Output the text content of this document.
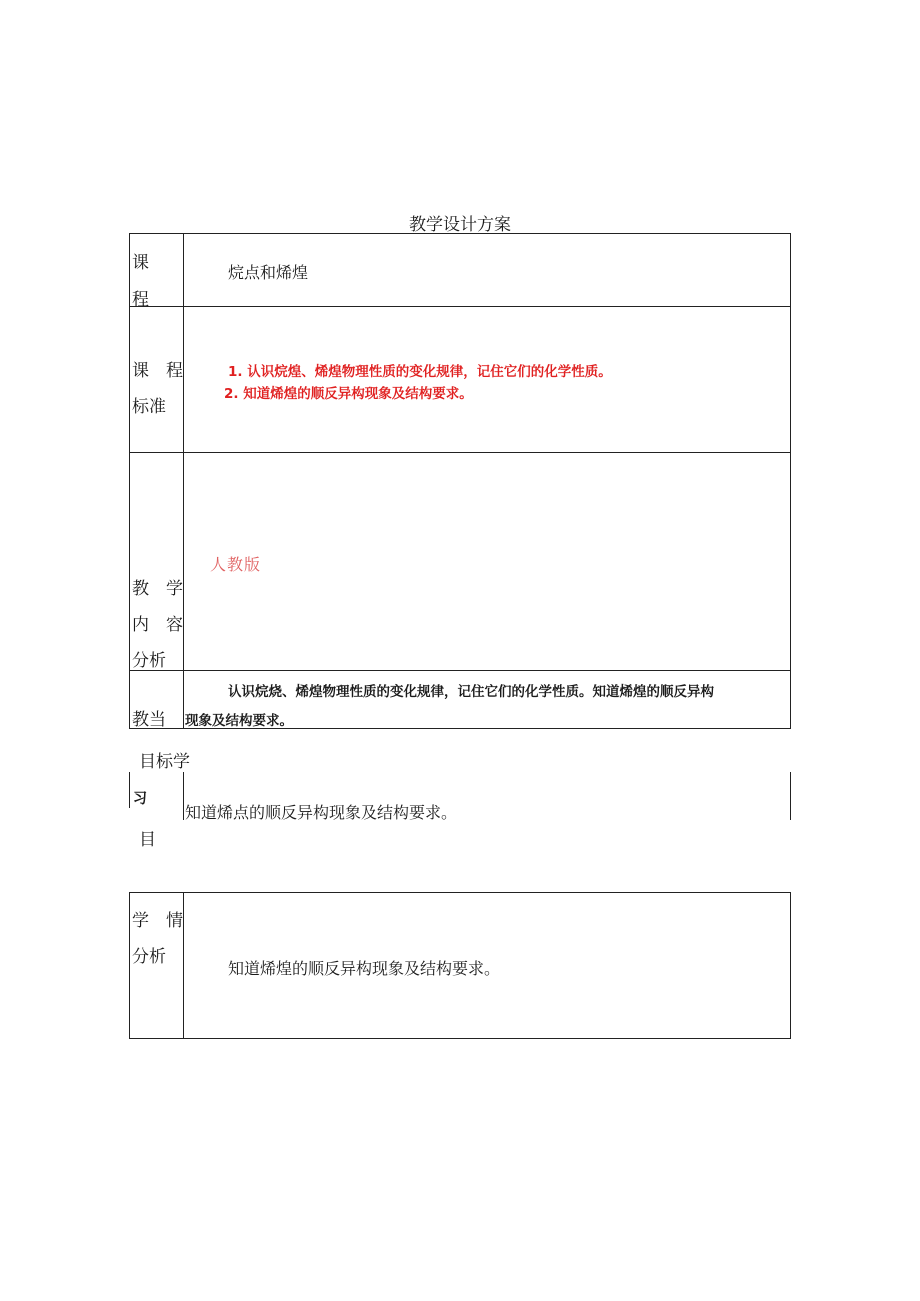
教学设计方案
课
程
烷点和烯煌
课 程
标准
1. 认识烷煌、烯煌物理性质的变化规律，记住它们的化学性质。
2. 知道烯煌的顺反异构现象及结构要求。
人教版
教 学
内 容
分析
教当
认识烷烧、烯煌物理性质的变化规律，记住它们的化学性质。知道烯煌的顺反异构
现象及结构要求。
目标学
习
知道烯点的顺反异构现象及结构要求。
目
学 情
分析
知道烯煌的顺反异构现象及结构要求。
